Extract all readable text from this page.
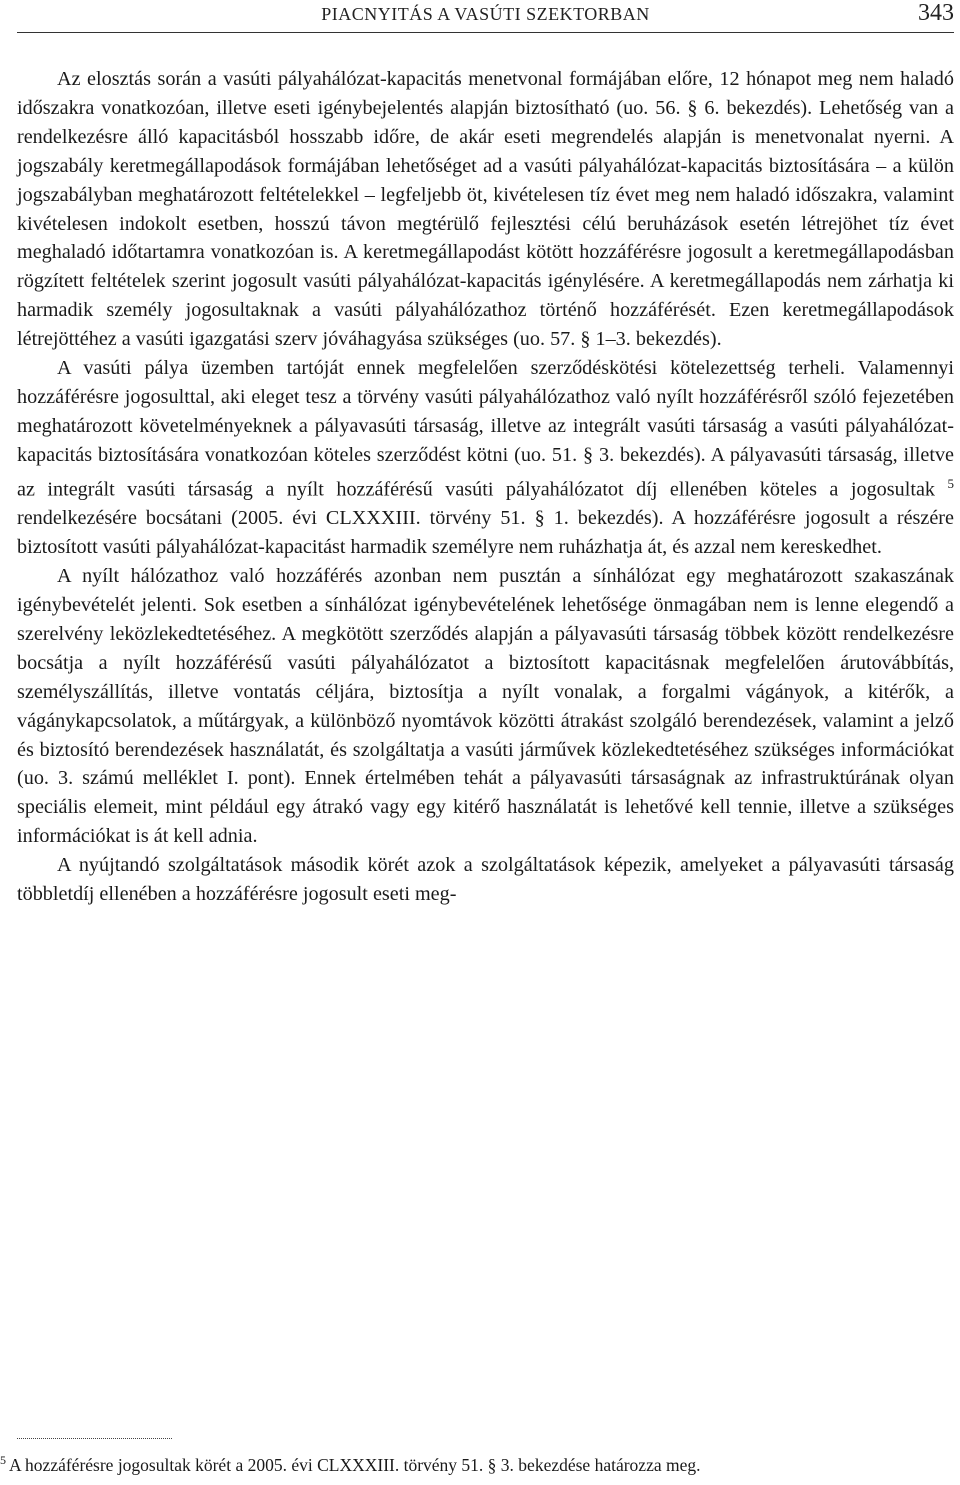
PIACNYITÁS A VASÚTI SZEKTORBAN	343

Az elosztás során a vasúti pályahálózat-kapacitás menetvonal formájában előre, 12 hónapot meg nem haladó időszakra vonatkozóan, illetve eseti igénybejelentés alapján biztosítható (uo. 56. § 6. bekezdés). Lehetőség van a rendelkezésre álló kapacitásból hosszabb időre, de akár eseti megrendelés alapján is menetvonalat nyerni. A jogszabály keretmegállapodások formájában lehetőséget ad a vasúti pályahálózat-kapacitás biztosítására – a külön jogszabályban meghatározott feltételekkel – legfeljebb öt, kivételesen tíz évet meg nem haladó időszakra, valamint kivételesen indokolt esetben, hosszú távon megtérülő fejlesztési célú beruházások esetén létrejöhet tíz évet meghaladó időtartamra vonatkozóan is. A keretmegállapodást kötött hozzáférésre jogosult a keretmegállapodásban rögzített feltételek szerint jogosult vasúti pályahálózat-kapacitás igénylésére. A keretmegállapodás nem zárhatja ki harmadik személy jogosultaknak a vasúti pályahálózathoz történő hozzáférését. Ezen keretmegállapodások létrejöttéhez a vasúti igazgatási szerv jóváhagyása szükséges (uo. 57. § 1–3. bekezdés).

A vasúti pálya üzemben tartóját ennek megfelelően szerződéskötési kötelezettség terheli. Valamennyi hozzáférésre jogosulttal, aki eleget tesz a törvény vasúti pályahálózathoz való nyílt hozzáférésről szóló fejezetében meghatározott követelményeknek a pályavasúti társaság, illetve az integrált vasúti társaság a vasúti pályahálózat-kapacitás biztosítására vonatkozóan köteles szerződést kötni (uo. 51. § 3. bekezdés). A pályavasúti társaság, illetve az integrált vasúti társaság a nyílt hozzáférésű vasúti pályahálózatot díj ellenében köteles a jogosultak $^5$ rendelkezésére bocsátani (2005. évi CLXXXIII. törvény 51. § 1. bekezdés). A hozzáférésre jogosult a részére biztosított vasúti pályahálózat-kapacitást harmadik személyre nem ruházhatja át, és azzal nem kereskedhet.

A nyílt hálózathoz való hozzáférés azonban nem pusztán a sínhálózat egy meghatározott szakaszának igénybevételét jelenti. Sok esetben a sínhálózat igénybevételének lehetősége önmagában nem is lenne elegendő a szerelvény leközlekedtetéséhez. A megkötött szerződés alapján a pályavasúti társaság többek között rendelkezésre bocsátja a nyílt hozzáférésű vasúti pályahálózatot a biztosított kapacitásnak megfelelően árutovábbítás, személyszállítás, illetve vontatás céljára, biztosítja a nyílt vonalak, a forgalmi vágányok, a kitérők, a vágánykapcsolatok, a műtárgyak, a különböző nyomtávok közötti átrakást szolgáló berendezések, valamint a jelző és biztosító berendezések használatát, és szolgáltatja a vasúti járművek közlekedtetéséhez szükséges információkat (uo. 3. számú melléklet I. pont). Ennek értelmében tehát a pályavasúti társaságnak az infrastruktúrának olyan speciális elemeit, mint például egy átrakó vagy egy kitérő használatát is lehetővé kell tennie, illetve a szükséges információkat is át kell adnia.

A nyújtandó szolgáltatások második körét azok a szolgáltatások képezik, amelyeket a pályavasúti társaság többletdíj ellenében a hozzáférésre jogosult eseti meg-

$^5$ A hozzáférésre jogosultak körét a 2005. évi CLXXXIII. törvény 51. § 3. bekezdése határozza meg.
